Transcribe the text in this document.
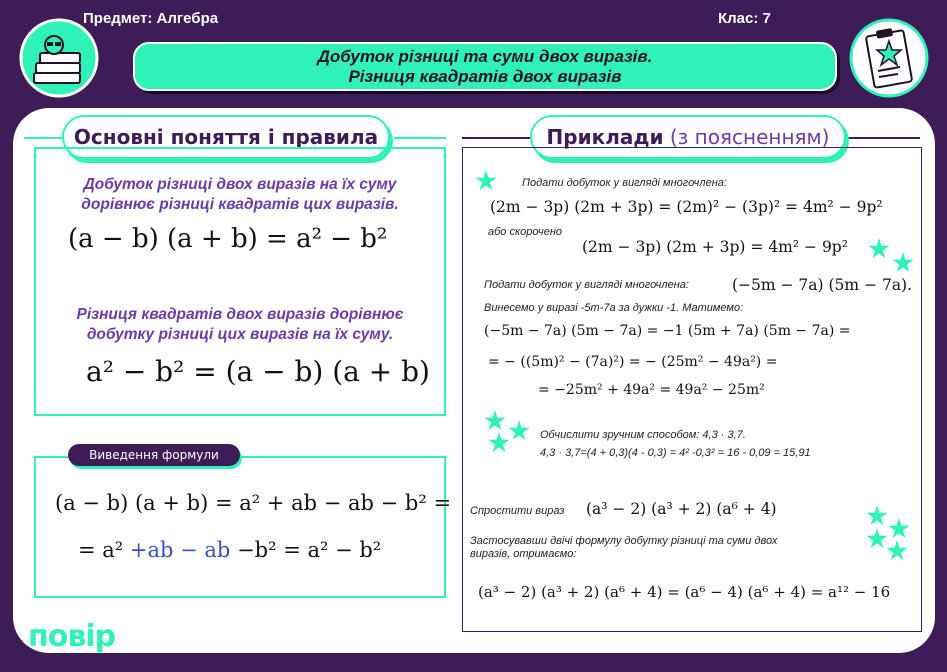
Предмет: Алгебра	Клас: 7
Добуток різниці та суми двох виразів.
Різниця квадратів двох виразів
Основні поняття і правила
Добуток різниці двох виразів на їх суму дорівнює різниці квадратів цих виразів.
(a − b) (a + b) = a² − b²
Різниця квадратів двох виразів дорівнює добутку різниці цих виразів на їх суму.
a² − b² = (a − b) (a + b)
Виведення формули
(a − b) (a + b) = a² + ab − ab − b² =
= a² +ab − ab −b² = a² − b²
повір
Приклади (з поясненням)
Подати добуток у вигляді многочлена:
(2m − 3p) (2m + 3p) = (2m)² − (3p)² = 4m² − 9p²
або скорочено
(2m − 3p) (2m + 3p) = 4m² − 9p²
Подати добуток у вигляді многочлена:	(−5m − 7a) (5m − 7a).
Винесемо у виразі -5m-7a за дужки -1. Матимемо:
(−5m − 7a) (5m − 7a) = −1 (5m + 7a) (5m − 7a) =
= − ((5m)² − (7a)²) = − (25m² − 49a²) =
= −25m² + 49a² = 49a² − 25m²
Обчислити зручним способом: 4,3 · 3,7.
4,3 · 3,7=(4 + 0,3)(4 - 0,3) = 4² -0,3² = 16 - 0,09 = 15,91
Спростити вираз (a³ − 2) (a³ + 2) (a⁶ + 4)
Застосувавши двічі формулу добутку різниці та суми двох
виразів, отримаємо:
(a³ − 2) (a³ + 2) (a⁶ + 4) = (a⁶ − 4) (a⁶ + 4) = a¹² − 16
